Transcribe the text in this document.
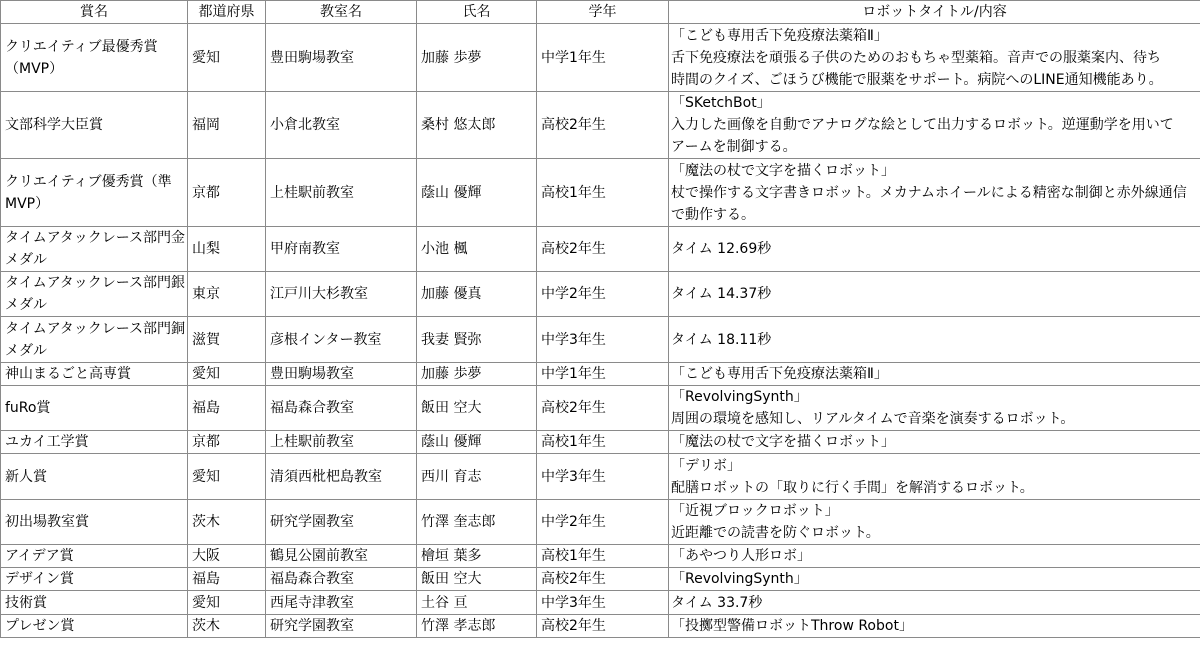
賞名	都道府県	教室名	氏名	学年	ロボットタイトル/内容
クリエイティブ最優秀賞（MVP）	愛知	豊田駒場教室	加藤 歩夢	中学1年生	「こども専用舌下免疫療法薬箱Ⅱ」
舌下免疫療法を頑張る子供のためのおもちゃ型薬箱。音声での服薬案内、待ち
時間のクイズ、ごほうび機能で服薬をサポート。病院へのLINE通知機能あり。

文部科学大臣賞	福岡	小倉北教室	桑村 悠太郎	高校2年生	「SKetchBot」
入力した画像を自動でアナログな絵として出力するロボット。逆運動学を用いて
アームを制御する。

クリエイティブ優秀賞（準MVP）	京都	上桂駅前教室	蔭山 優輝	高校1年生	「魔法の杖で文字を描くロボット」
杖で操作する文字書きロボット。メカナムホイールによる精密な制御と赤外線通信
で動作する。

タイムアタックレース部門金メダル	山梨	甲府南教室	小池 楓	高校2年生	タイム 12.69秒

タイムアタックレース部門銀メダル	東京	江戸川大杉教室	加藤 優真	中学2年生	タイム 14.37秒

タイムアタックレース部門銅メダル	滋賀	彦根インター教室	我妻 賢弥	中学3年生	タイム 18.11秒

神山まるごと高専賞	愛知	豊田駒場教室	加藤 歩夢	中学1年生	「こども専用舌下免疫療法薬箱Ⅱ」

fuRo賞	福島	福島森合教室	飯田 空大	高校2年生	「RevolvingSynth」
周囲の環境を感知し、リアルタイムで音楽を演奏するロボット。

ユカイ工学賞	京都	上桂駅前教室	蔭山 優輝	高校1年生	「魔法の杖で文字を描くロボット」

新人賞	愛知	清須西枇杷島教室	西川 育志	中学3年生	「デリボ」
配膳ロボットの「取りに行く手間」を解消するロボット。

初出場教室賞	茨木	研究学園教室	竹澤 奎志郎	中学2年生	「近視ブロックロボット」
近距離での読書を防ぐロボット。

アイデア賞	大阪	鶴見公園前教室	檜垣 葉多	高校1年生	「あやつり人形ロボ」

デザイン賞	福島	福島森合教室	飯田 空大	高校2年生	「RevolvingSynth」

技術賞	愛知	西尾寺津教室	土谷 亘	中学3年生	タイム 33.7秒

プレゼン賞	茨木	研究学園教室	竹澤 孝志郎	高校2年生	「投擲型警備ロボットThrow Robot」
